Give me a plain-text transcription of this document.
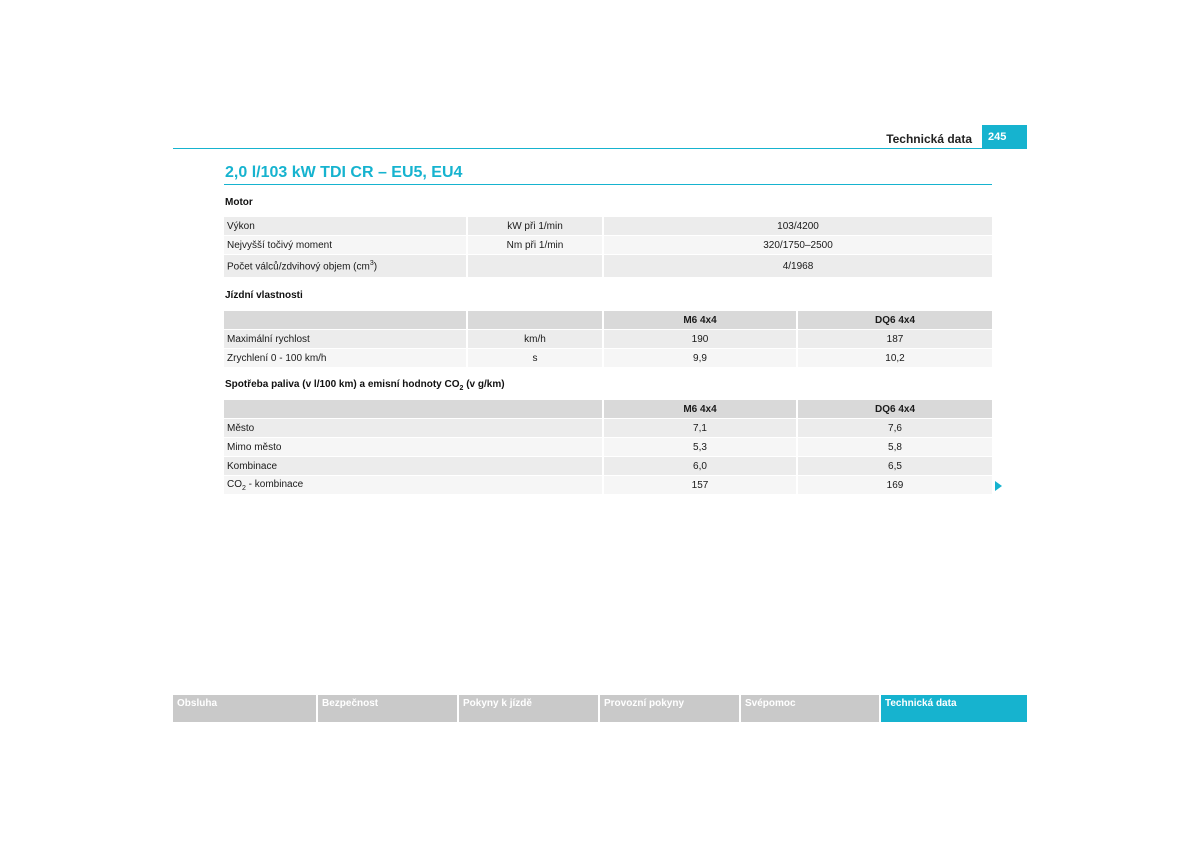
Technická data	245
2,0 l/103 kW TDI CR – EU5, EU4
Motor
Výkon	kW při 1/min	103/4200
Nejvyšší točivý moment	Nm při 1/min	320/1750–2500
Počet válců/zdvihový objem $(cm^3)$		4/1968
Jízdní vlastnosti
		M6 4x4	DQ6 4x4
Maximální rychlost	km/h	190	187
Zrychlení 0 - 100 km/h	s	9,9	10,2
Spotřeba paliva (v l/100 km) a emisní hodnoty $CO_2$ (v g/km)
	M6 4x4	DQ6 4x4
Město	7,1	7,6
Mimo město	5,3	5,8
Kombinace	6,0	6,5
$CO_2$ - kombinace	157	169
Obsluha	Bezpečnost	Pokyny k jízdě	Provozní pokyny	Svépomoc	Technická data
